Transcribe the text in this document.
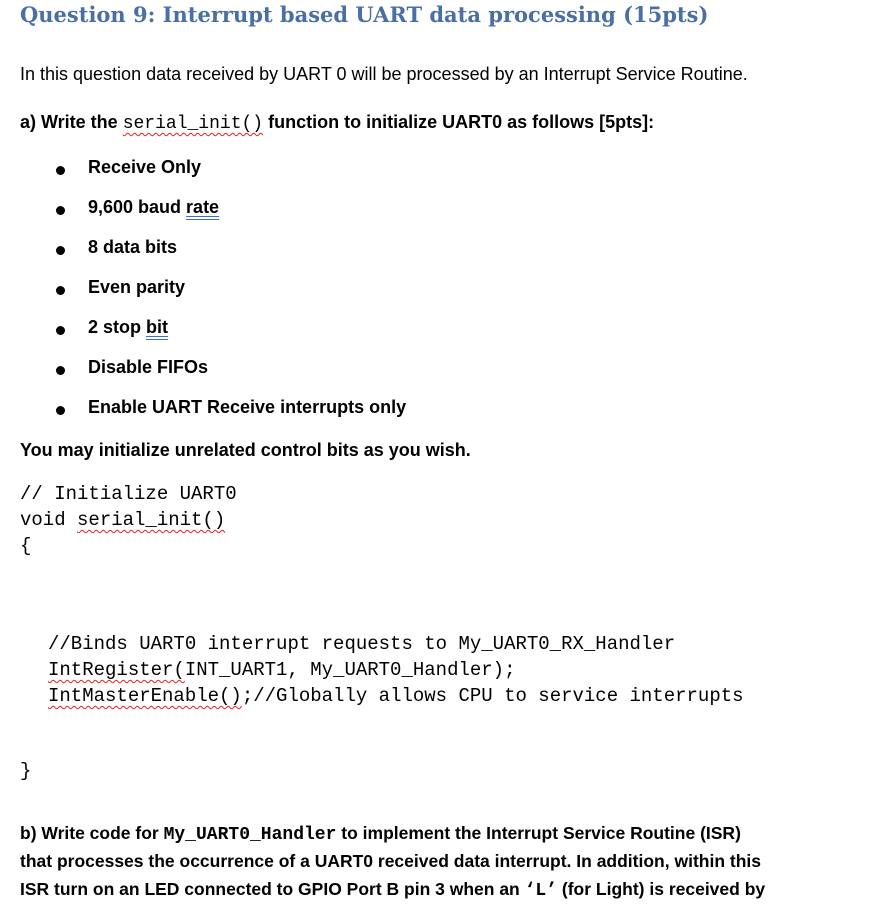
Question 9: Interrupt based UART data processing (15pts)
In this question data received by UART 0 will be processed by an Interrupt Service Routine.
a) Write the serial_init() function to initialize UART0 as follows [5pts]:
Receive Only
9,600 baud rate
8 data bits
Even parity
2 stop bit
Disable FIFOs
Enable UART Receive interrupts only
You may initialize unrelated control bits as you wish.
// Initialize UART0
void serial_init()
{
//Binds UART0 interrupt requests to My_UART0_RX_Handler
IntRegister(INT_UART1, My_UART0_Handler);
IntMasterEnable();//Globally allows CPU to service interrupts
}
b) Write code for My_UART0_Handler to implement the Interrupt Service Routine (ISR)
that processes the occurrence of a UART0 received data interrupt. In addition, within this
ISR turn on an LED connected to GPIO Port B pin 3 when an ‘L’ (for Light) is received by
